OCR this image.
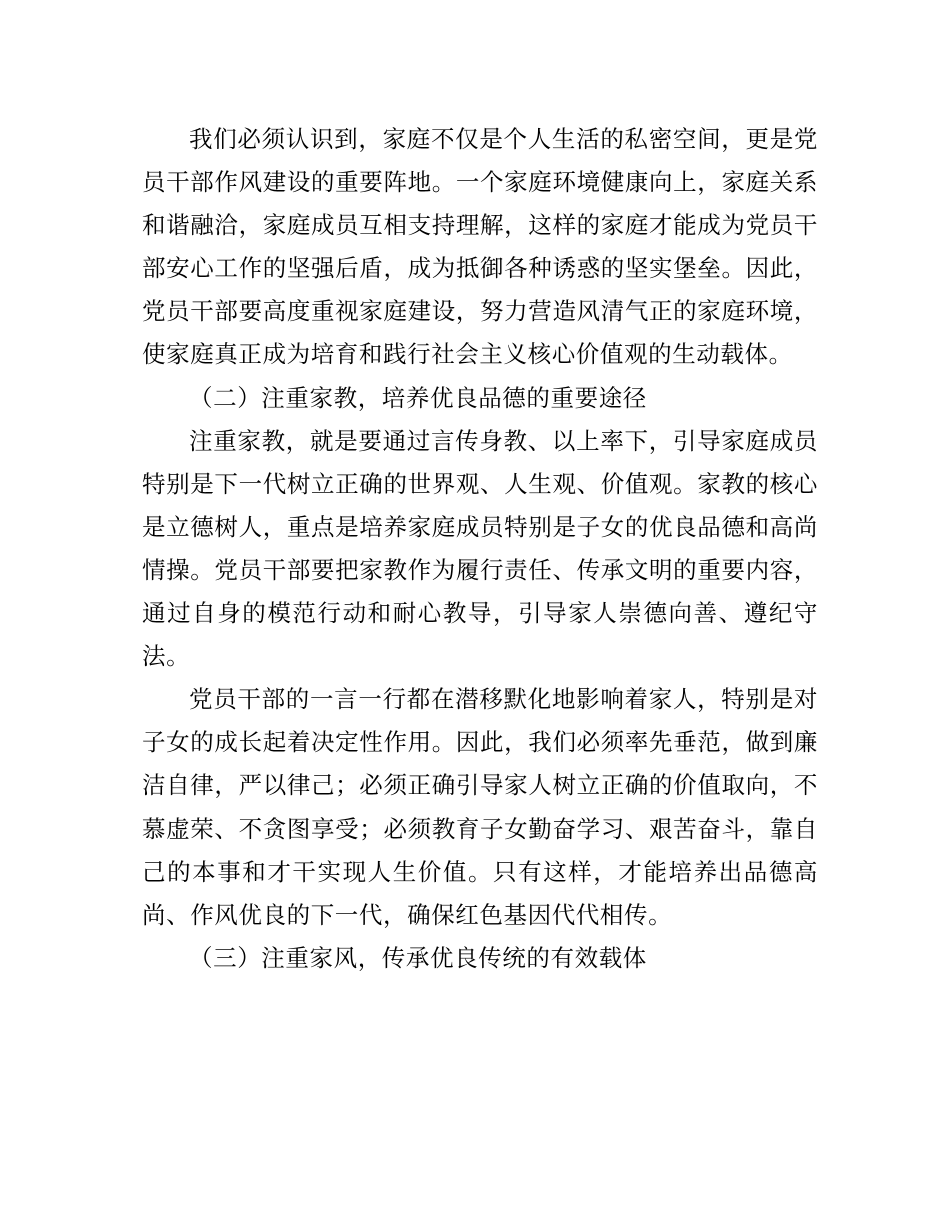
我们必须认识到，家庭不仅是个人生活的私密空间，更是党员干部作风建设的重要阵地。一个家庭环境健康向上，家庭关系和谐融洽，家庭成员互相支持理解，这样的家庭才能成为党员干部安心工作的坚强后盾，成为抵御各种诱惑的坚实堡垒。因此，党员干部要高度重视家庭建设，努力营造风清气正的家庭环境，使家庭真正成为培育和践行社会主义核心价值观的生动载体。

（二）注重家教，培养优良品德的重要途径

注重家教，就是要通过言传身教、以上率下，引导家庭成员特别是下一代树立正确的世界观、人生观、价值观。家教的核心是立德树人，重点是培养家庭成员特别是子女的优良品德和高尚情操。党员干部要把家教作为履行责任、传承文明的重要内容，通过自身的模范行动和耐心教导，引导家人崇德向善、遵纪守法。

党员干部的一言一行都在潜移默化地影响着家人，特别是对子女的成长起着决定性作用。因此，我们必须率先垂范，做到廉洁自律，严以律己；必须正确引导家人树立正确的价值取向，不慕虚荣、不贪图享受；必须教育子女勤奋学习、艰苦奋斗，靠自己的本事和才干实现人生价值。只有这样，才能培养出品德高尚、作风优良的下一代，确保红色基因代代相传。

（三）注重家风，传承优良传统的有效载体
